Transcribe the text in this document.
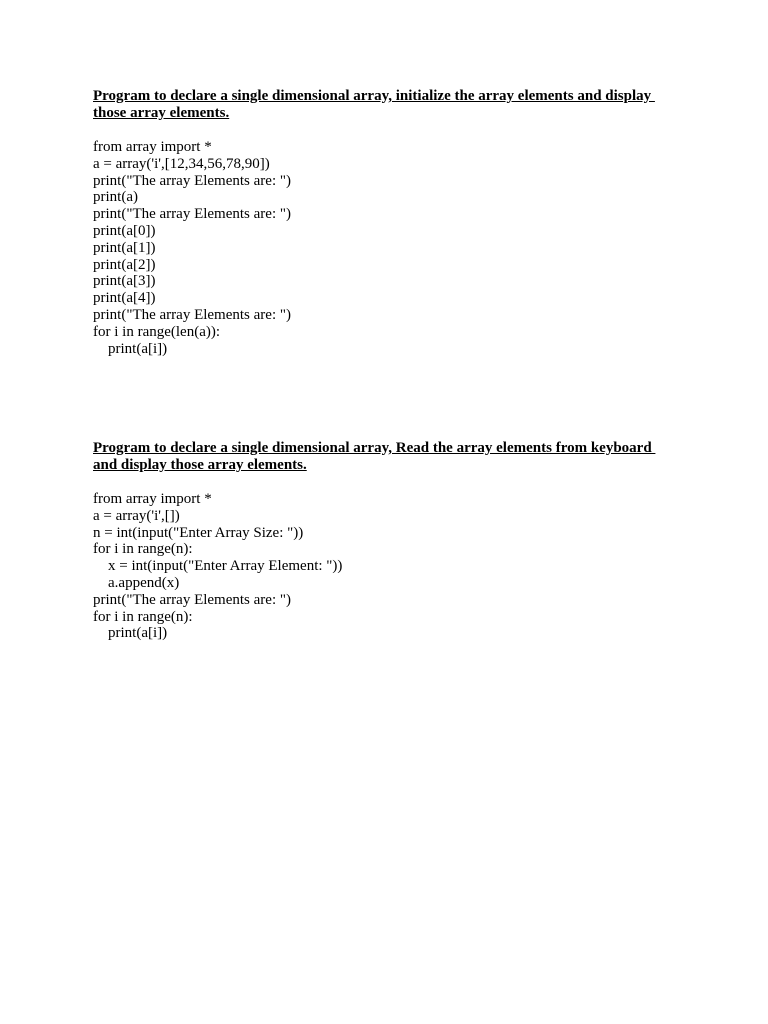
Program to declare a single dimensional array, initialize the array elements and display
those array elements.
from array import *
a = array('i',[12,34,56,78,90])
print("The array Elements are: ")
print(a)
print("The array Elements are: ")
print(a[0])
print(a[1])
print(a[2])
print(a[3])
print(a[4])
print("The array Elements are: ")
for i in range(len(a)):
print(a[i])
Program to declare a single dimensional array, Read the array elements from keyboard
and display those array elements.
from array import *
a = array('i',[])
n = int(input("Enter Array Size: "))
for i in range(n):
x = int(input("Enter Array Element: "))
a.append(x)
print("The array Elements are: ")
for i in range(n):
print(a[i])
